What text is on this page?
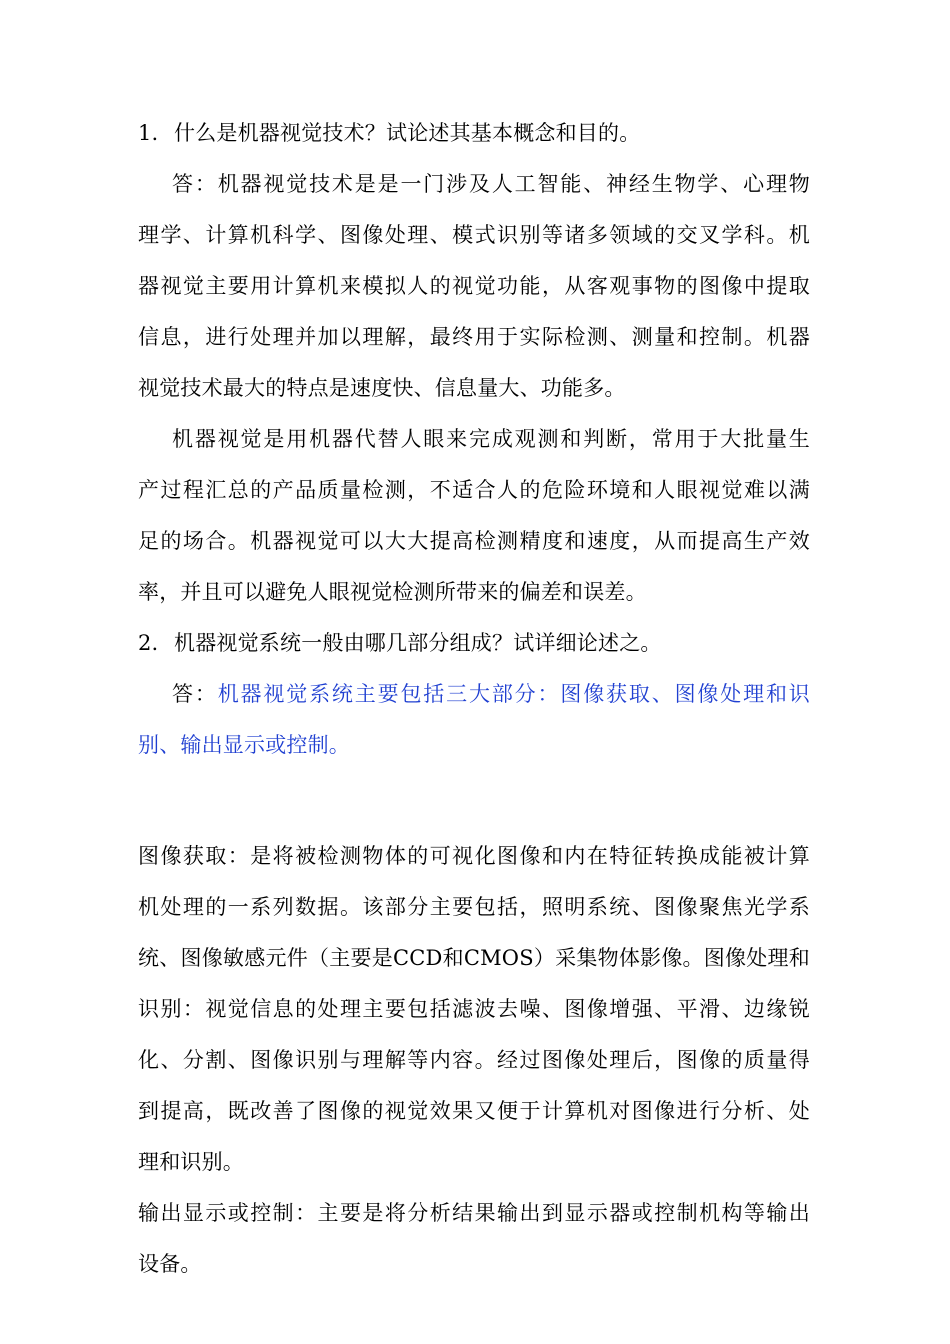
1. 什么是机器视觉技术？试论述其基本概念和目的。
答：机器视觉技术是是一门涉及人工智能、神经生物学、心理物
理学、计算机科学、图像处理、模式识别等诸多领域的交叉学科。机
器视觉主要用计算机来模拟人的视觉功能，从客观事物的图像中提取
信息，进行处理并加以理解，最终用于实际检测、测量和控制。机器
视觉技术最大的特点是速度快、信息量大、功能多。
机器视觉是用机器代替人眼来完成观测和判断，常用于大批量生
产过程汇总的产品质量检测，不适合人的危险环境和人眼视觉难以满
足的场合。机器视觉可以大大提高检测精度和速度，从而提高生产效
率，并且可以避免人眼视觉检测所带来的偏差和误差。
2. 机器视觉系统一般由哪几部分组成？试详细论述之。
答：机器视觉系统主要包括三大部分：图像获取、图像处理和识
别、输出显示或控制。
图像获取：是将被检测物体的可视化图像和内在特征转换成能被计算
机处理的一系列数据。该部分主要包括，照明系统、图像聚焦光学系
统、图像敏感元件（主要是CCD和CMOS）采集物体影像。图像处理和
识别：视觉信息的处理主要包括滤波去噪、图像增强、平滑、边缘锐
化、分割、图像识别与理解等内容。经过图像处理后，图像的质量得
到提高，既改善了图像的视觉效果又便于计算机对图像进行分析、处
理和识别。
输出显示或控制：主要是将分析结果输出到显示器或控制机构等输出
设备。
